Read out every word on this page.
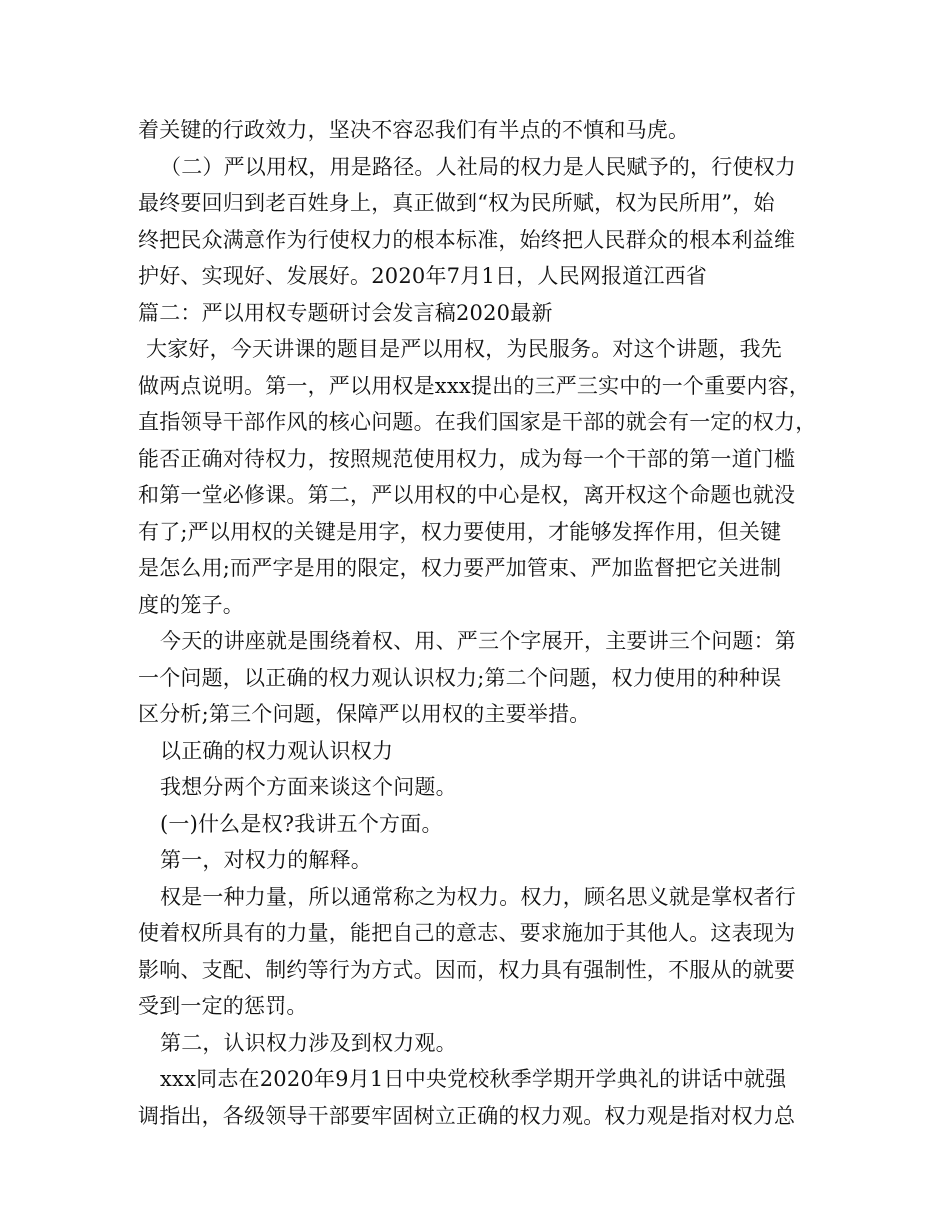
着关键的行政效力，坚决不容忍我们有半点的不慎和马虎。
（二）严以用权，用是路径。人社局的权力是人民赋予的，行使权力
最终要回归到老百姓身上，真正做到“权为民所赋，权为民所用”，始
终把民众满意作为行使权力的根本标准，始终把人民群众的根本利益维
护好、实现好、发展好。2020年7月1日，人民网报道江西省
篇二：严以用权专题研讨会发言稿2020最新
大家好，今天讲课的题目是严以用权，为民服务。对这个讲题，我先
做两点说明。第一，严以用权是xxx提出的三严三实中的一个重要内容，
直指领导干部作风的核心问题。在我们国家是干部的就会有一定的权力，
能否正确对待权力，按照规范使用权力，成为每一个干部的第一道门槛
和第一堂必修课。第二，严以用权的中心是权，离开权这个命题也就没
有了;严以用权的关键是用字，权力要使用，才能够发挥作用，但关键
是怎么用;而严字是用的限定，权力要严加管束、严加监督把它关进制
度的笼子。
今天的讲座就是围绕着权、用、严三个字展开，主要讲三个问题：第
一个问题，以正确的权力观认识权力;第二个问题，权力使用的种种误
区分析;第三个问题，保障严以用权的主要举措。
以正确的权力观认识权力
我想分两个方面来谈这个问题。
(一)什么是权?我讲五个方面。
第一，对权力的解释。
权是一种力量，所以通常称之为权力。权力，顾名思义就是掌权者行
使着权所具有的力量，能把自己的意志、要求施加于其他人。这表现为
影响、支配、制约等行为方式。因而，权力具有强制性，不服从的就要
受到一定的惩罚。
第二，认识权力涉及到权力观。
xxx同志在2020年9月1日中央党校秋季学期开学典礼的讲话中就强
调指出，各级领导干部要牢固树立正确的权力观。权力观是指对权力总
